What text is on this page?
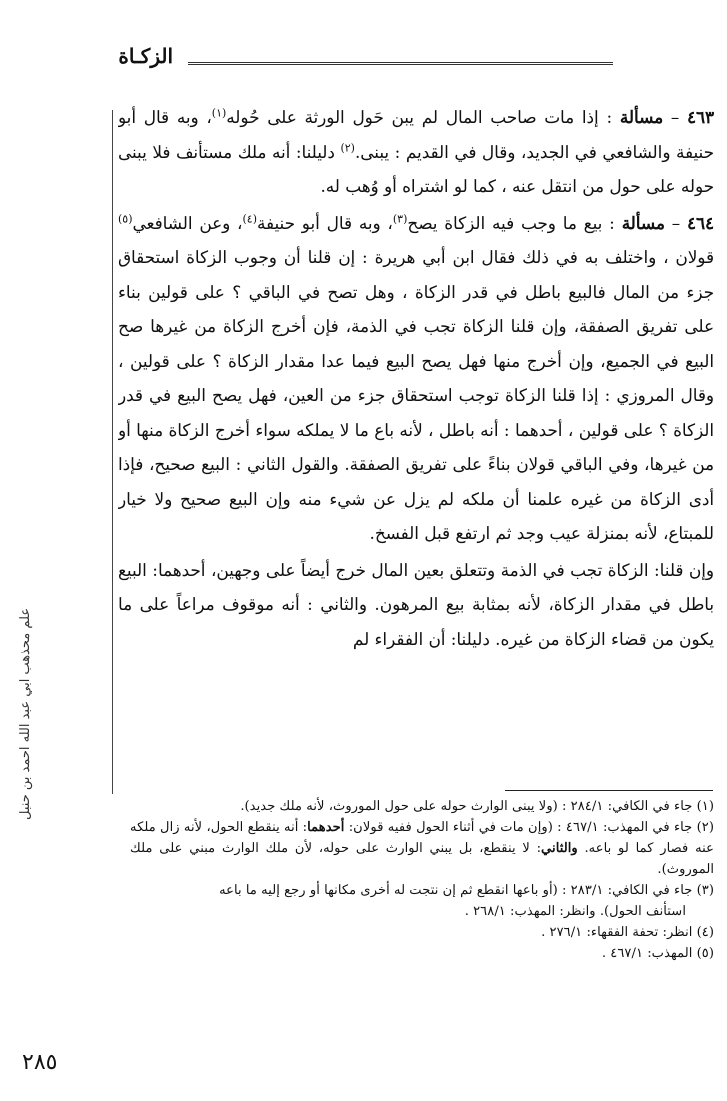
الزكـاة
علم محذهب ابي عبد الله احمد بن حنبل

٤٦٣ – مسألة : إذا مات صاحب المال لم يبن حَول الورثة على حُوله$^{(١)}$، وبه قال أبو حنيفة والشافعي في الجديد، وقال في القديم : يبنى.$^{(٢)}$ دليلنا: أنه ملك مستأنف فلا يبنى حوله على حول من انتقل عنه ، كما لو اشتراه أو وُهب له.

٤٦٤ – مسألة : بيع ما وجب فيه الزكاة يصح$^{(٣)}$، وبه قال أبو حنيفة$^{(٤)}$، وعن الشافعي$^{(٥)}$ قولان ، واختلف به في ذلك فقال ابن أبي هريرة : إن قلنا أن وجوب الزكاة استحقاق جزء من المال فالبيع باطل في قدر الزكاة ، وهل تصح في الباقي ؟ على قولين بناء على تفريق الصفقة، وإن قلنا الزكاة تجب في الذمة، فإن أخرج الزكاة من غيرها صح البيع في الجميع، وإن أخرج منها فهل يصح البيع فيما عدا مقدار الزكاة ؟ على قولين ، وقال المروزي : إذا قلنا الزكاة توجب استحقاق جزء من العين، فهل يصح البيع في قدر الزكاة ؟ على قولين ، أحدهما : أنه باطل ، لأنه باع ما لا يملكه سواء أخرج الزكاة منها أو من غيرها، وفي الباقي قولان بناءً على تفريق الصفقة. والقول الثاني : البيع صحيح، فإذا أدى الزكاة من غيره علمنا أن ملكه لم يزل عن شيء منه وإن البيع صحيح ولا خيار للمبتاع، لأنه بمنزلة عيب وجد ثم ارتفع قبل الفسخ.

وإن قلنا: الزكاة تجب في الذمة وتتعلق بعين المال خرج أيضاً على وجهين، أحدهما: البيع باطل في مقدار الزكاة، لأنه بمثابة بيع المرهون. والثاني : أنه موقوف مراعاً على ما يكون من قضاء الزكاة من غيره. دليلنا: أن الفقراء لم

(١) جاء في الكافي: ٢٨٤/١ : (ولا يبنى الوارث حوله على حول الموروث، لأنه ملك جديد).

(٢) جاء في المهذب: ٤٦٧/١ : (وإن مات في أثناء الحول ففيه قولان: أحدهما: أنه ينقطع الحول، لأنه زال ملكه عنه فصار كما لو باعه. والثاني: لا ينقطع، بل يبني الوارث على حوله، لأن ملك الوارث مبني على ملك الموروث).

(٣) جاء في الكافي: ٢٨٣/١ : (أو باعها انقطع ثم إن نتجت له أخرى مكانها أو رجع إليه ما باعه

استأنف الحول). وانظر: المهذب: ٢٦٨/١ .

(٤) انظر: تحفة الفقهاء: ٢٧٦/١ .

(٥) المهذب: ٤٦٧/١ .

٢٨٥
